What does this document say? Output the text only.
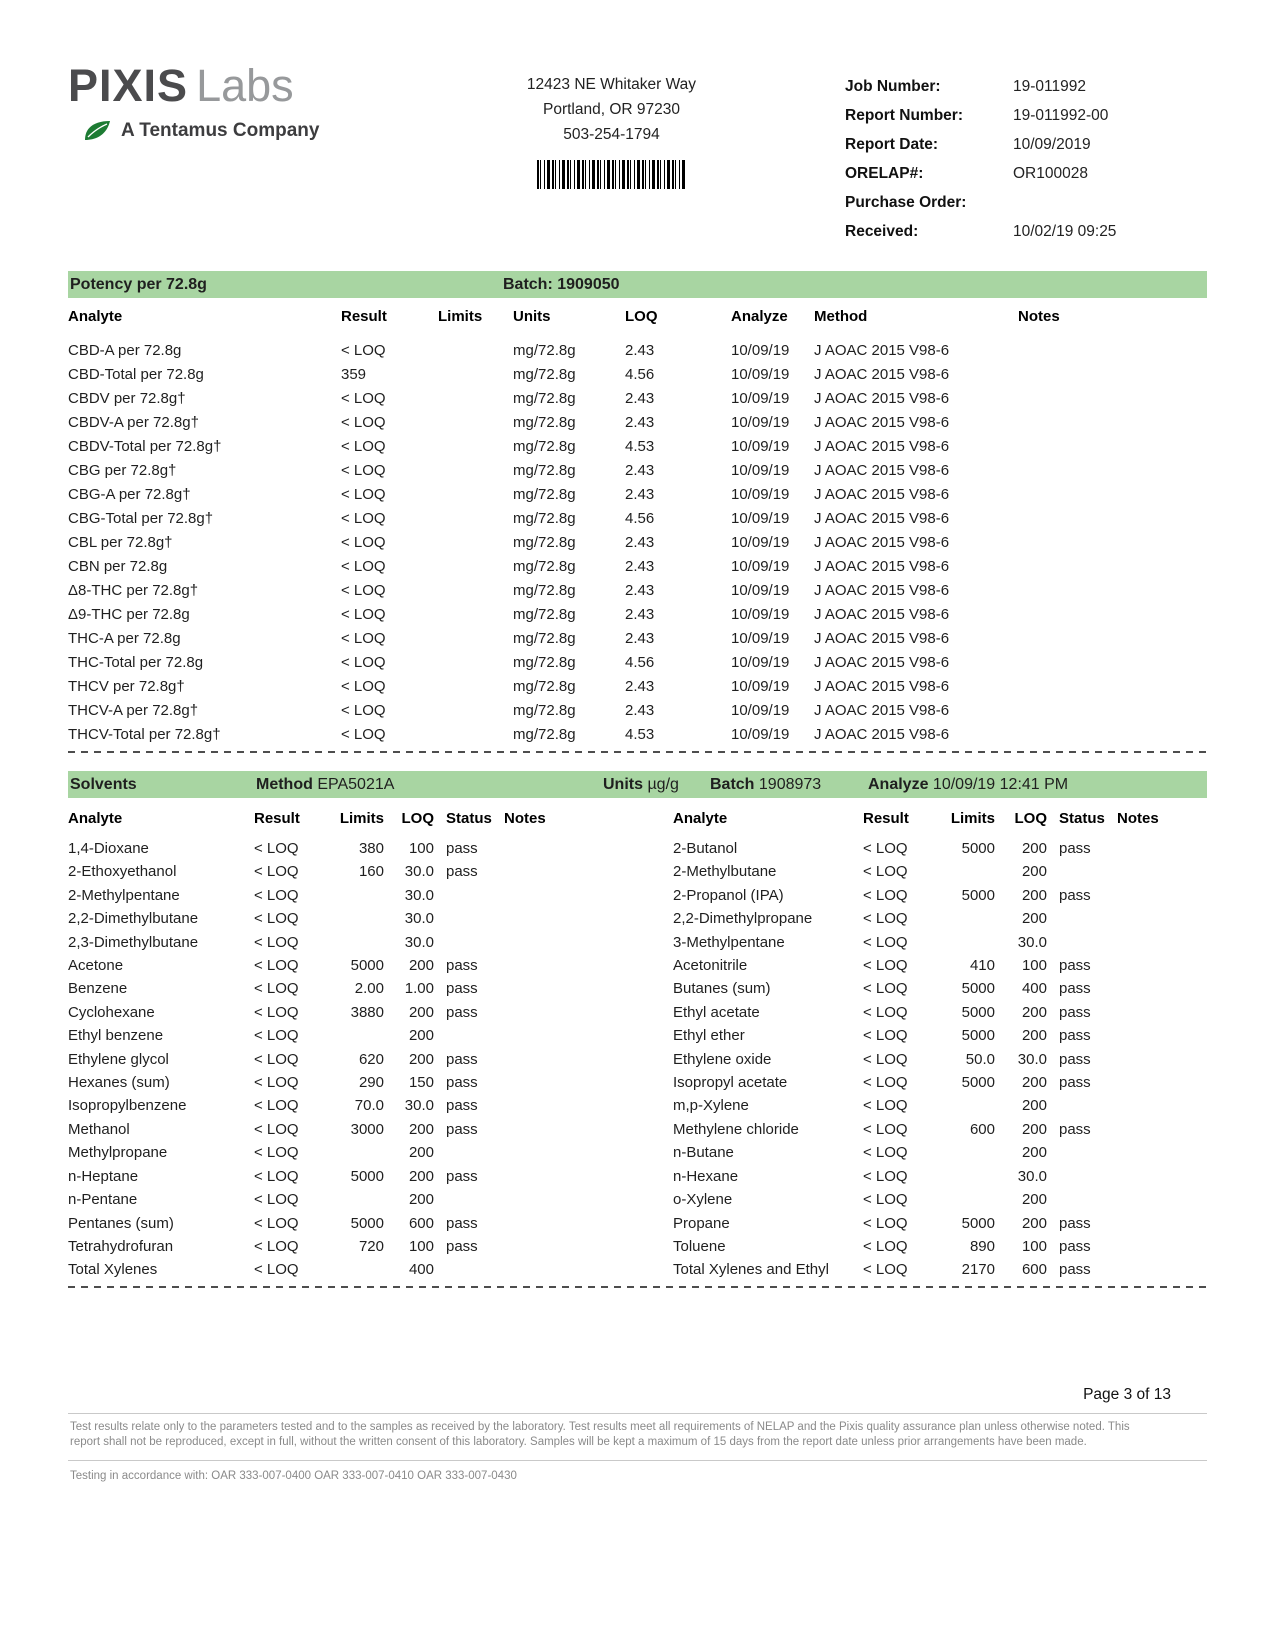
PIXIS Labs
A Tentamus Company
12423 NE Whitaker Way
Portland, OR 97230
503-254-1794
Job Number:	19-011992
Report Number:	19-011992-00
Report Date:	10/09/2019
ORELAP#:	OR100028
Purchase Order:
Received:	10/02/19 09:25
Potency per 72.8g	Batch: 1909050
Analyte	Result	Limits	Units	LOQ	Analyze	Method	Notes
CBD-A per 72.8g	< LOQ		mg/72.8g	2.43	10/09/19	J AOAC 2015 V98-6	
CBD-Total per 72.8g	359		mg/72.8g	4.56	10/09/19	J AOAC 2015 V98-6	
CBDV per 72.8g†	< LOQ		mg/72.8g	2.43	10/09/19	J AOAC 2015 V98-6	
CBDV-A per 72.8g†	< LOQ		mg/72.8g	2.43	10/09/19	J AOAC 2015 V98-6	
CBDV-Total per 72.8g†	< LOQ		mg/72.8g	4.53	10/09/19	J AOAC 2015 V98-6	
CBG per 72.8g†	< LOQ		mg/72.8g	2.43	10/09/19	J AOAC 2015 V98-6	
CBG-A per 72.8g†	< LOQ		mg/72.8g	2.43	10/09/19	J AOAC 2015 V98-6	
CBG-Total per 72.8g†	< LOQ		mg/72.8g	4.56	10/09/19	J AOAC 2015 V98-6	
CBL per 72.8g†	< LOQ		mg/72.8g	2.43	10/09/19	J AOAC 2015 V98-6	
CBN per 72.8g	< LOQ		mg/72.8g	2.43	10/09/19	J AOAC 2015 V98-6	
Δ8-THC per 72.8g†	< LOQ		mg/72.8g	2.43	10/09/19	J AOAC 2015 V98-6	
Δ9-THC per 72.8g	< LOQ		mg/72.8g	2.43	10/09/19	J AOAC 2015 V98-6	
THC-A per 72.8g	< LOQ		mg/72.8g	2.43	10/09/19	J AOAC 2015 V98-6	
THC-Total per 72.8g	< LOQ		mg/72.8g	4.56	10/09/19	J AOAC 2015 V98-6	
THCV per 72.8g†	< LOQ		mg/72.8g	2.43	10/09/19	J AOAC 2015 V98-6	
THCV-A per 72.8g†	< LOQ		mg/72.8g	2.43	10/09/19	J AOAC 2015 V98-6	
THCV-Total per 72.8g†	< LOQ		mg/72.8g	4.53	10/09/19	J AOAC 2015 V98-6	
Solvents	Method EPA5021A	Units µg/g Batch 1908973	Analyze 10/09/19 12:41 PM
Analyte	Result	Limits	LOQ	Status	Notes
1,4-Dioxane	< LOQ	380	100	pass	
2-Ethoxyethanol	< LOQ	160	30.0	pass	
2-Methylpentane	< LOQ		30.0		
2,2-Dimethylbutane	< LOQ		30.0		
2,3-Dimethylbutane	< LOQ		30.0		
Acetone	< LOQ	5000	200	pass	
Benzene	< LOQ	2.00	1.00	pass	
Cyclohexane	< LOQ	3880	200	pass	
Ethyl benzene	< LOQ		200		
Ethylene glycol	< LOQ	620	200	pass	
Hexanes (sum)	< LOQ	290	150	pass	
Isopropylbenzene	< LOQ	70.0	30.0	pass	
Methanol	< LOQ	3000	200	pass	
Methylpropane	< LOQ		200		
n-Heptane	< LOQ	5000	200	pass	
n-Pentane	< LOQ		200		
Pentanes (sum)	< LOQ	5000	600	pass	
Tetrahydrofuran	< LOQ	720	100	pass	
Total Xylenes	< LOQ		400		
Analyte	Result	Limits	LOQ	Status	Notes
2-Butanol	< LOQ	5000	200	pass	
2-Methylbutane	< LOQ		200		
2-Propanol (IPA)	< LOQ	5000	200	pass	
2,2-Dimethylpropane	< LOQ		200		
3-Methylpentane	< LOQ		30.0		
Acetonitrile	< LOQ	410	100	pass	
Butanes (sum)	< LOQ	5000	400	pass	
Ethyl acetate	< LOQ	5000	200	pass	
Ethyl ether	< LOQ	5000	200	pass	
Ethylene oxide	< LOQ	50.0	30.0	pass	
Isopropyl acetate	< LOQ	5000	200	pass	
m,p-Xylene	< LOQ		200		
Methylene chloride	< LOQ	600	200	pass	
n-Butane	< LOQ		200		
n-Hexane	< LOQ		30.0		
o-Xylene	< LOQ		200		
Propane	< LOQ	5000	200	pass	
Toluene	< LOQ	890	100	pass	
Total Xylenes and Ethyl	< LOQ	2170	600	pass	
Page 3 of 13
Test results relate only to the parameters tested and to the samples as received by the laboratory. Test results meet all requirements of NELAP and the Pixis quality assurance plan unless otherwise noted. This report shall not be reproduced, except in full, without the written consent of this laboratory. Samples will be kept a maximum of 15 days from the report date unless prior arrangements have been made.
Testing in accordance with: OAR 333-007-0400 OAR 333-007-0410 OAR 333-007-0430
